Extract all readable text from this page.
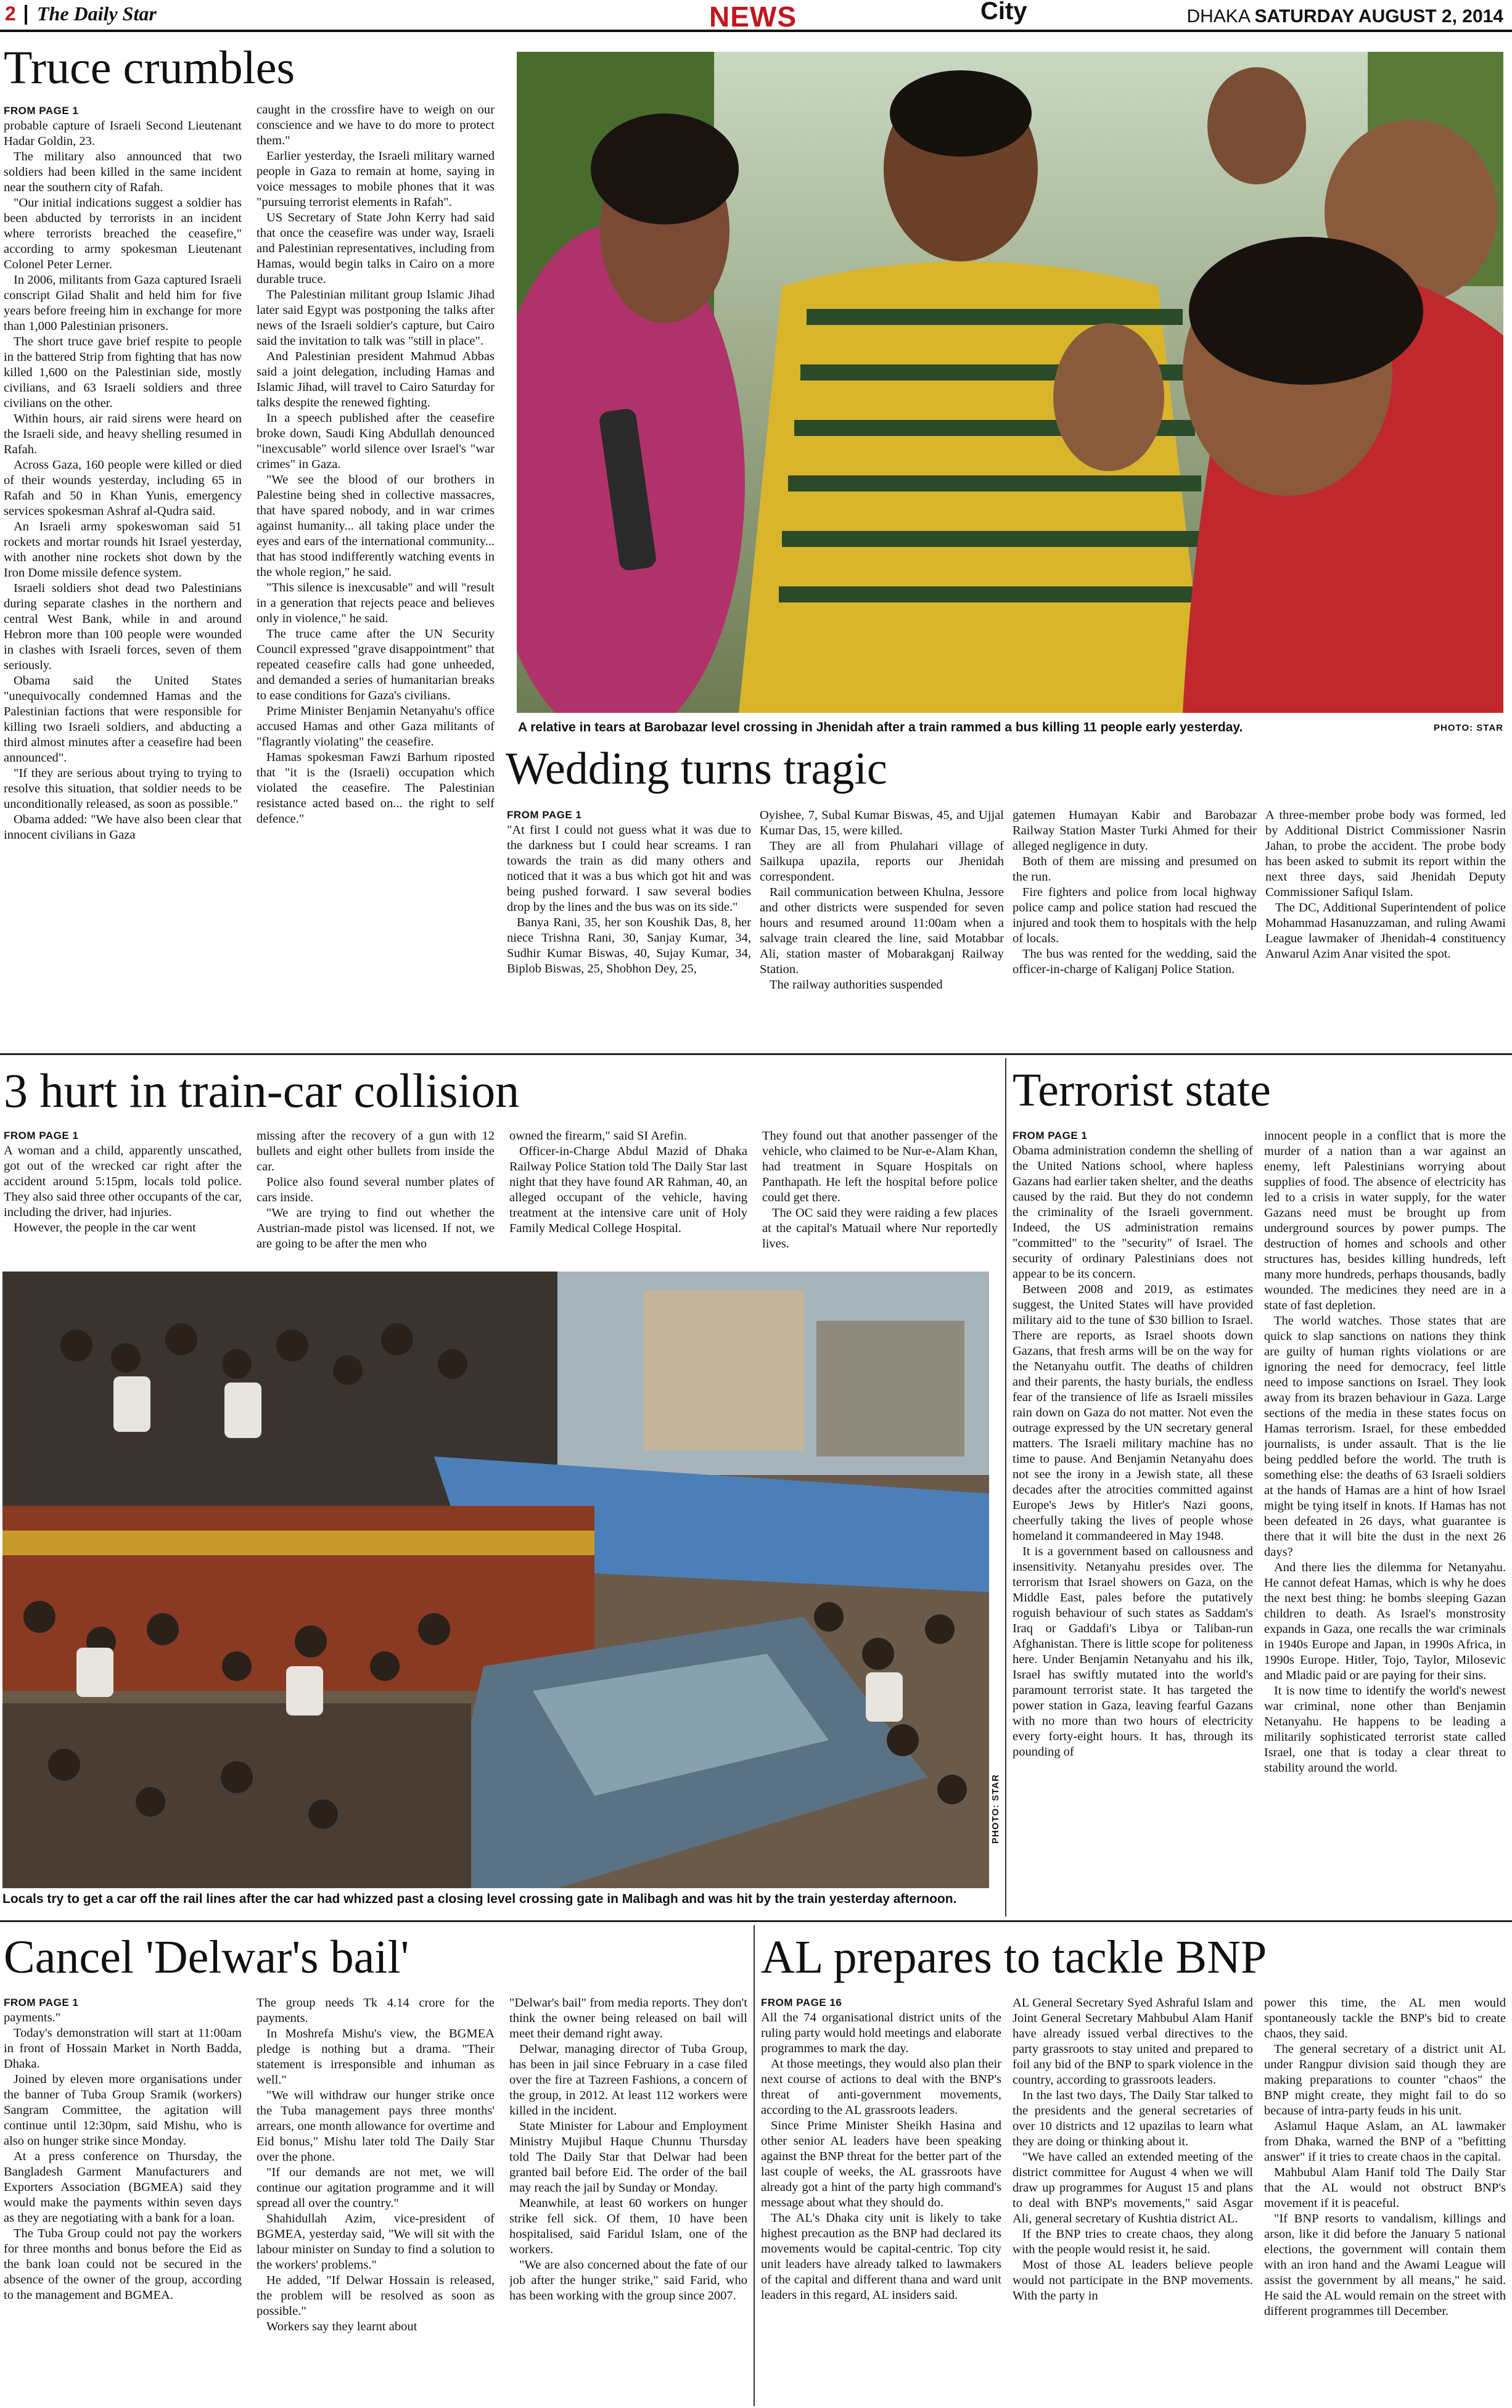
2 The Daily Star	NEWS	City	DHAKA SATURDAY AUGUST 2, 2014
Truce crumbles
FROM PAGE 1

probable capture of Israeli Second Lieutenant Hadar Goldin, 23.

The military also announced that two soldiers had been killed in the same incident near the southern city of Rafah.

"Our initial indications suggest a soldier has been abducted by terrorists in an incident where terrorists breached the ceasefire," according to army spokesman Lieutenant Colonel Peter Lerner.

In 2006, militants from Gaza captured Israeli conscript Gilad Shalit and held him for five years before freeing him in exchange for more than 1,000 Palestinian prisoners.

The short truce gave brief respite to people in the battered Strip from fighting that has now killed 1,600 on the Palestinian side, mostly civilians, and 63 Israeli soldiers and three civilians on the other.

Within hours, air raid sirens were heard on the Israeli side, and heavy shelling resumed in Rafah.

Across Gaza, 160 people were killed or died of their wounds yesterday, including 65 in Rafah and 50 in Khan Yunis, emergency services spokesman Ashraf al-Qudra said.

An Israeli army spokeswoman said 51 rockets and mortar rounds hit Israel yesterday, with another nine rockets shot down by the Iron Dome missile defence system.

Israeli soldiers shot dead two Palestinians during separate clashes in the northern and central West Bank, while in and around Hebron more than 100 people were wounded in clashes with Israeli forces, seven of them seriously.

Obama said the United States "unequivocally condemned Hamas and the Palestinian factions that were responsible for killing two Israeli soldiers, and abducting a third almost minutes after a ceasefire had been announced".

"If they are serious about trying to trying to resolve this situation, that soldier needs to be unconditionally released, as soon as possible."

Obama added: "We have also been clear that innocent civilians in Gaza

caught in the crossfire have to weigh on our conscience and we have to do more to protect them."

Earlier yesterday, the Israeli military warned people in Gaza to remain at home, saying in voice messages to mobile phones that it was "pursuing terrorist elements in Rafah".

US Secretary of State John Kerry had said that once the ceasefire was under way, Israeli and Palestinian representatives, including from Hamas, would begin talks in Cairo on a more durable truce.

The Palestinian militant group Islamic Jihad later said Egypt was postponing the talks after news of the Israeli soldier's capture, but Cairo said the invitation to talk was "still in place".

And Palestinian president Mahmud Abbas said a joint delegation, including Hamas and Islamic Jihad, will travel to Cairo Saturday for talks despite the renewed fighting.

In a speech published after the ceasefire broke down, Saudi King Abdullah denounced "inexcusable" world silence over Israel's "war crimes" in Gaza.

"We see the blood of our brothers in Palestine being shed in collective massacres, that have spared nobody, and in war crimes against humanity... all taking place under the eyes and ears of the international community... that has stood indifferently watching events in the whole region," he said.

"This silence is inexcusable" and will "result in a generation that rejects peace and believes only in violence," he said.

The truce came after the UN Security Council expressed "grave disappointment" that repeated ceasefire calls had gone unheeded, and demanded a series of humanitarian breaks to ease conditions for Gaza's civilians.

Prime Minister Benjamin Netanyahu's office accused Hamas and other Gaza militants of "flagrantly violating" the ceasefire.

Hamas spokesman Fawzi Barhum riposted that "it is the (Israeli) occupation which violated the ceasefire. The Palestinian resistance acted based on... the right to self defence."

A relative in tears at Barobazar level crossing in Jhenidah after a train rammed a bus killing 11 people early yesterday.	PHOTO: STAR
Wedding turns tragic
FROM PAGE 1

"At first I could not guess what it was due to the darkness but I could hear screams. I ran towards the train as did many others and noticed that it was a bus which got hit and was being pushed forward. I saw several bodies drop by the lines and the bus was on its side."

Banya Rani, 35, her son Koushik Das, 8, her niece Trishna Rani, 30, Sanjay Kumar, 34, Sudhir Kumar Biswas, 40, Sujay Kumar, 34, Biplob Biswas, 25, Shobhon Dey, 25,

Oyishee, 7, Subal Kumar Biswas, 45, and Ujjal Kumar Das, 15, were killed.

They are all from Phulahari village of Sailkupa upazila, reports our Jhenidah correspondent.

Rail communication between Khulna, Jessore and other districts were suspended for seven hours and resumed around 11:00am when a salvage train cleared the line, said Motabbar Ali, station master of Mobarakganj Railway Station.

The railway authorities suspended

gatemen Humayan Kabir and Barobazar Railway Station Master Turki Ahmed for their alleged negligence in duty.

Both of them are missing and presumed on the run.

Fire fighters and police from local highway police camp and police station had rescued the injured and took them to hospitals with the help of locals.

The bus was rented for the wedding, said the officer-in-charge of Kaliganj Police Station.

A three-member probe body was formed, led by Additional District Commissioner Nasrin Jahan, to probe the accident. The probe body has been asked to submit its report within the next three days, said Jhenidah Deputy Commissioner Safiqul Islam.

The DC, Additional Superintendent of police Mohammad Hasanuzzaman, and ruling Awami League lawmaker of Jhenidah-4 constituency Anwarul Azim Anar visited the spot.

3 hurt in train-car collision
FROM PAGE 1

A woman and a child, apparently unscathed, got out of the wrecked car right after the accident around 5:15pm, locals told police. They also said three other occupants of the car, including the driver, had injuries.

However, the people in the car went

missing after the recovery of a gun with 12 bullets and eight other bullets from inside the car.

Police also found several number plates of cars inside.

"We are trying to find out whether the Austrian-made pistol was licensed. If not, we are going to be after the men who

owned the firearm," said SI Arefin.

Officer-in-Charge Abdul Mazid of Dhaka Railway Police Station told The Daily Star last night that they have found AR Rahman, 40, an alleged occupant of the vehicle, having treatment at the intensive care unit of Holy Family Medical College Hospital.

They found out that another passenger of the vehicle, who claimed to be Nur-e-Alam Khan, had treatment in Square Hospitals on Panthapath. He left the hospital before police could get there.

The OC said they were raiding a few places at the capital's Matuail where Nur reportedly lives.

PHOTO: STAR
Locals try to get a car off the rail lines after the car had whizzed past a closing level crossing gate in Malibagh and was hit by the train yesterday afternoon.
Terrorist state
FROM PAGE 1

Obama administration condemn the shelling of the United Nations school, where hapless Gazans had earlier taken shelter, and the deaths caused by the raid. But they do not condemn the criminality of the Israeli government. Indeed, the US administration remains "committed" to the "security" of Israel. The security of ordinary Palestinians does not appear to be its concern.

Between 2008 and 2019, as estimates suggest, the United States will have provided military aid to the tune of $30 billion to Israel. There are reports, as Israel shoots down Gazans, that fresh arms will be on the way for the Netanyahu outfit. The deaths of children and their parents, the hasty burials, the endless fear of the transience of life as Israeli missiles rain down on Gaza do not matter. Not even the outrage expressed by the UN secretary general matters. The Israeli military machine has no time to pause. And Benjamin Netanyahu does not see the irony in a Jewish state, all these decades after the atrocities committed against Europe's Jews by Hitler's Nazi goons, cheerfully taking the lives of people whose homeland it commandeered in May 1948.

It is a government based on callousness and insensitivity. Netanyahu presides over. The terrorism that Israel showers on Gaza, on the Middle East, pales before the putatively roguish behaviour of such states as Saddam's Iraq or Gaddafi's Libya or Taliban-run Afghanistan. There is little scope for politeness here. Under Benjamin Netanyahu and his ilk, Israel has swiftly mutated into the world's paramount terrorist state. It has targeted the power station in Gaza, leaving fearful Gazans with no more than two hours of electricity every forty-eight hours. It has, through its pounding of

innocent people in a conflict that is more the murder of a nation than a war against an enemy, left Palestinians worrying about supplies of food. The absence of electricity has led to a crisis in water supply, for the water Gazans need must be brought up from underground sources by power pumps. The destruction of homes and schools and other structures has, besides killing hundreds, left many more hundreds, perhaps thousands, badly wounded. The medicines they need are in a state of fast depletion.

The world watches. Those states that are quick to slap sanctions on nations they think are guilty of human rights violations or are ignoring the need for democracy, feel little need to impose sanctions on Israel. They look away from its brazen behaviour in Gaza. Large sections of the media in these states focus on Hamas terrorism. Israel, for these embedded journalists, is under assault. That is the lie being peddled before the world. The truth is something else: the deaths of 63 Israeli soldiers at the hands of Hamas are a hint of how Israel might be tying itself in knots. If Hamas has not been defeated in 26 days, what guarantee is there that it will bite the dust in the next 26 days?

And there lies the dilemma for Netanyahu. He cannot defeat Hamas, which is why he does the next best thing: he bombs sleeping Gazan children to death. As Israel's monstrosity expands in Gaza, one recalls the war criminals in 1940s Europe and Japan, in 1990s Africa, in 1990s Europe. Hitler, Tojo, Taylor, Milosevic and Mladic paid or are paying for their sins.

It is now time to identify the world's newest war criminal, none other than Benjamin Netanyahu. He happens to be leading a militarily sophisticated terrorist state called Israel, one that is today a clear threat to stability around the world.

Cancel 'Delwar's bail'
FROM PAGE 1

payments."

Today's demonstration will start at 11:00am in front of Hossain Market in North Badda, Dhaka.

Joined by eleven more organisations under the banner of Tuba Group Sramik (workers) Sangram Committee, the agitation will continue until 12:30pm, said Mishu, who is also on hunger strike since Monday.

At a press conference on Thursday, the Bangladesh Garment Manufacturers and Exporters Association (BGMEA) said they would make the payments within seven days as they are negotiating with a bank for a loan.

The Tuba Group could not pay the workers for three months and bonus before the Eid as the bank loan could not be secured in the absence of the owner of the group, according to the management and BGMEA.

The group needs Tk 4.14 crore for the payments.

In Moshrefa Mishu's view, the BGMEA pledge is nothing but a drama. "Their statement is irresponsible and inhuman as well."

"We will withdraw our hunger strike once the Tuba management pays three months' arrears, one month allowance for overtime and Eid bonus," Mishu later told The Daily Star over the phone.

"If our demands are not met, we will continue our agitation programme and it will spread all over the country."

Shahidullah Azim, vice-president of BGMEA, yesterday said, "We will sit with the labour minister on Sunday to find a solution to the workers' problems."

He added, "If Delwar Hossain is released, the problem will be resolved as soon as possible."

Workers say they learnt about

"Delwar's bail" from media reports. They don't think the owner being released on bail will meet their demand right away.

Delwar, managing director of Tuba Group, has been in jail since February in a case filed over the fire at Tazreen Fashions, a concern of the group, in 2012. At least 112 workers were killed in the incident.

State Minister for Labour and Employment Ministry Mujibul Haque Chunnu Thursday told The Daily Star that Delwar had been granted bail before Eid. The order of the bail may reach the jail by Sunday or Monday.

Meanwhile, at least 60 workers on hunger strike fell sick. Of them, 10 have been hospitalised, said Faridul Islam, one of the workers.

"We are also concerned about the fate of our job after the hunger strike," said Farid, who has been working with the group since 2007.

AL prepares to tackle BNP
FROM PAGE 16

All the 74 organisational district units of the ruling party would hold meetings and elaborate programmes to mark the day.

At those meetings, they would also plan their next course of actions to deal with the BNP's threat of anti-government movements, according to the AL grassroots leaders.

Since Prime Minister Sheikh Hasina and other senior AL leaders have been speaking against the BNP threat for the better part of the last couple of weeks, the AL grassroots have already got a hint of the party high command's message about what they should do.

The AL's Dhaka city unit is likely to take highest precaution as the BNP had declared its movements would be capital-centric. Top city unit leaders have already talked to lawmakers of the capital and different thana and ward unit leaders in this regard, AL insiders said.

AL General Secretary Syed Ashraful Islam and Joint General Secretary Mahbubul Alam Hanif have already issued verbal directives to the party grassroots to stay united and prepared to foil any bid of the BNP to spark violence in the country, according to grassroots leaders.

In the last two days, The Daily Star talked to the presidents and the general secretaries of over 10 districts and 12 upazilas to learn what they are doing or thinking about it.

"We have called an extended meeting of the district committee for August 4 when we will draw up programmes for August 15 and plans to deal with BNP's movements," said Asgar Ali, general secretary of Kushtia district AL.

If the BNP tries to create chaos, they along with the people would resist it, he said.

Most of those AL leaders believe people would not participate in the BNP movements. With the party in

power this time, the AL men would spontaneously tackle the BNP's bid to create chaos, they said.

The general secretary of a district unit AL under Rangpur division said though they are making preparations to counter "chaos" the BNP might create, they might fail to do so because of intra-party feuds in his unit.

Aslamul Haque Aslam, an AL lawmaker from Dhaka, warned the BNP of a "befitting answer" if it tries to create chaos in the capital.

Mahbubul Alam Hanif told The Daily Star that the AL would not obstruct BNP's movement if it is peaceful.

"If BNP resorts to vandalism, killings and arson, like it did before the January 5 national elections, the government will contain them with an iron hand and the Awami League will assist the government by all means," he said. He said the AL would remain on the street with different programmes till December.
